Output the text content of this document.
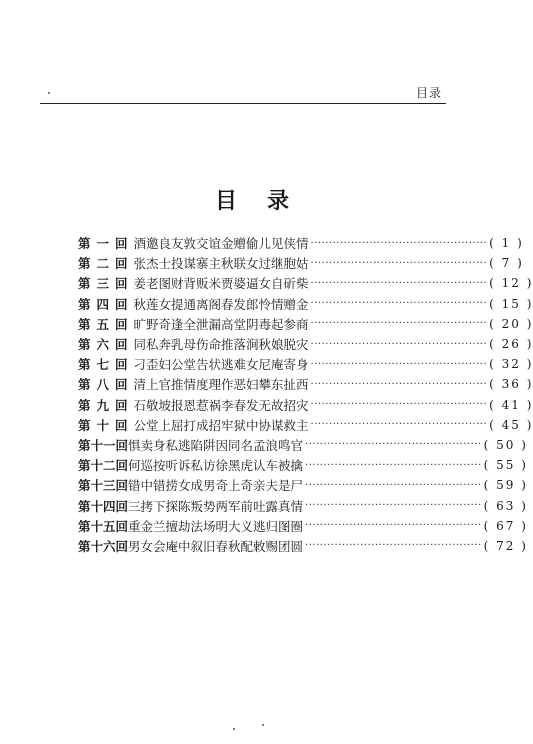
目录
目录
第一回 酒邀良友敦交谊 金赠偷儿见侠情 ················································ ( 1 )
第二回 张杰士投谋寨主 秋联女过继胞姑 ················································ ( 7 )
第三回 姜老图财背贩米 贾婆逼女自斫柴 ················································ ( 12 )
第四回 秋莲女提通离阁 春发郎怜情赠金 ················································ ( 15 )
第五回 旷野奇逢全泄漏 高堂阴毒起参商 ················································ ( 20 )
第六回 同私奔乳母伤命 推落涧秋娘脱灾 ················································ ( 26 )
第七回 刁歪妇公堂告状 逃难女尼庵寄身 ················································ ( 32 )
第八回 清上官推情度理 作恶妇攀东扯西 ················································ ( 36 )
第九回 石敬坡报恩惹祸 李春发无故招灾 ················································ ( 41 )
第十回 公堂上屈打成招 牢狱中协谋救主 ················································ ( 45 )
第十一回 惧卖身私逃陷阱 因同名孟浪鸣官 ················································ ( 50 )
第十二回 何巡按听诉私访 徐黑虎认车被擒 ················································ ( 55 )
第十三回 错中错捞女成男 奇上奇亲夫是尸 ················································ ( 59 )
第十四回 三拷下探陈叛势 两军前吐露真情 ················································ ( 63 )
第十五回 重金兰擅劫法场 明大义逃归图圈 ················································ ( 67 )
第十六回 男女会庵中叙旧 春秋配敕赐团圆 ················································ ( 72 )
